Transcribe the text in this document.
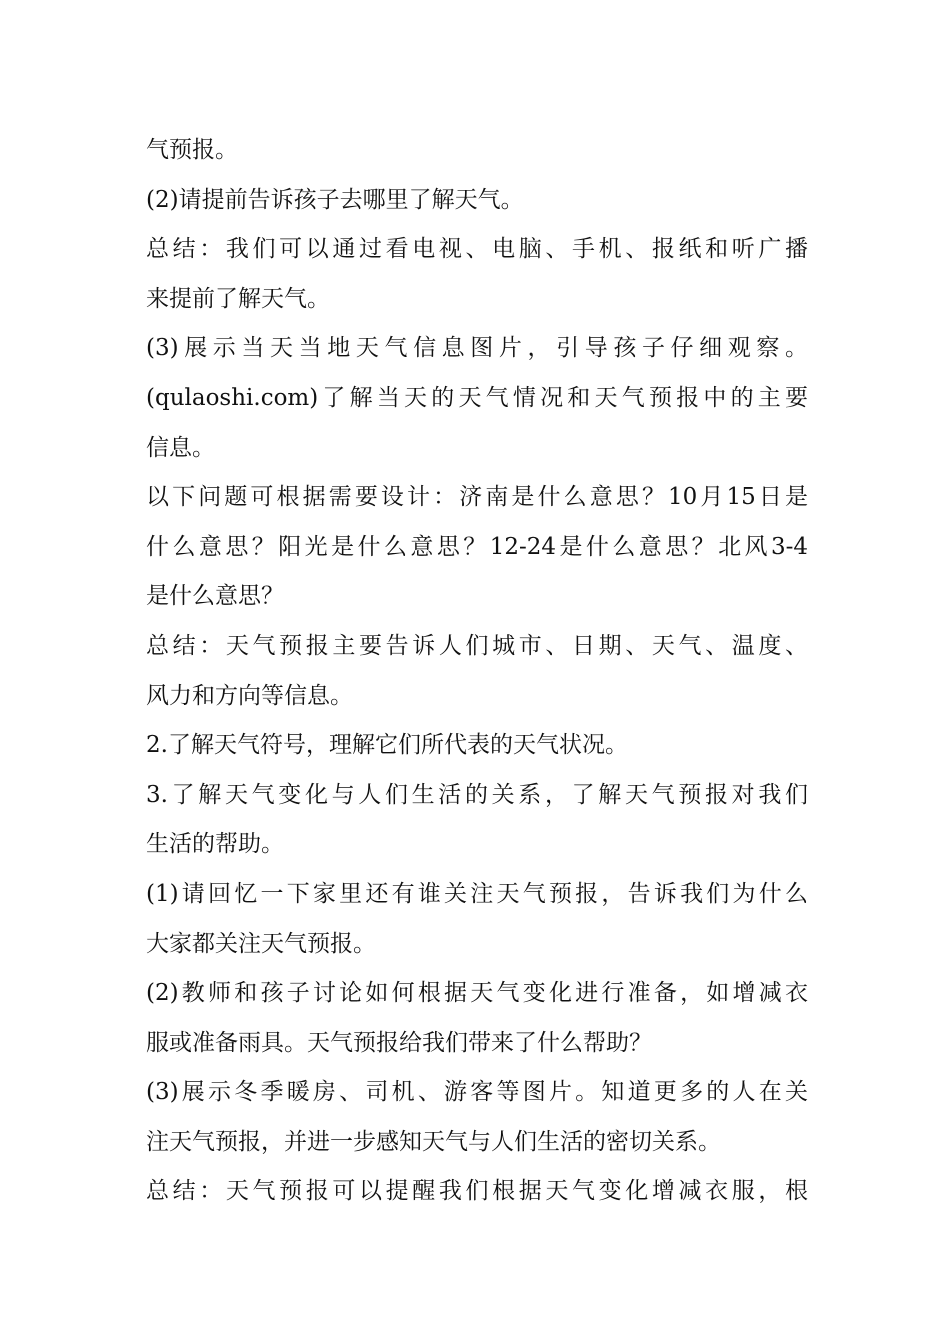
气预报。
(2)请提前告诉孩子去哪里了解天气。
总结：我们可以通过看电视、电脑、手机、报纸和听广播
来提前了解天气。
(3)展示当天当地天气信息图片，引导孩子仔细观察。
(qulaoshi.com)了解当天的天气情况和天气预报中的主要
信息。
以下问题可根据需要设计：济南是什么意思？10月15日是
什么意思？阳光是什么意思？12-24是什么意思？北风3-4
是什么意思？
总结：天气预报主要告诉人们城市、日期、天气、温度、
风力和方向等信息。
2.了解天气符号，理解它们所代表的天气状况。
3.了解天气变化与人们生活的关系，了解天气预报对我们
生活的帮助。
(1)请回忆一下家里还有谁关注天气预报，告诉我们为什么
大家都关注天气预报。
(2)教师和孩子讨论如何根据天气变化进行准备，如增减衣
服或准备雨具。天气预报给我们带来了什么帮助？
(3)展示冬季暖房、司机、游客等图片。知道更多的人在关
注天气预报，并进一步感知天气与人们生活的密切关系。
总结：天气预报可以提醒我们根据天气变化增减衣服，根
